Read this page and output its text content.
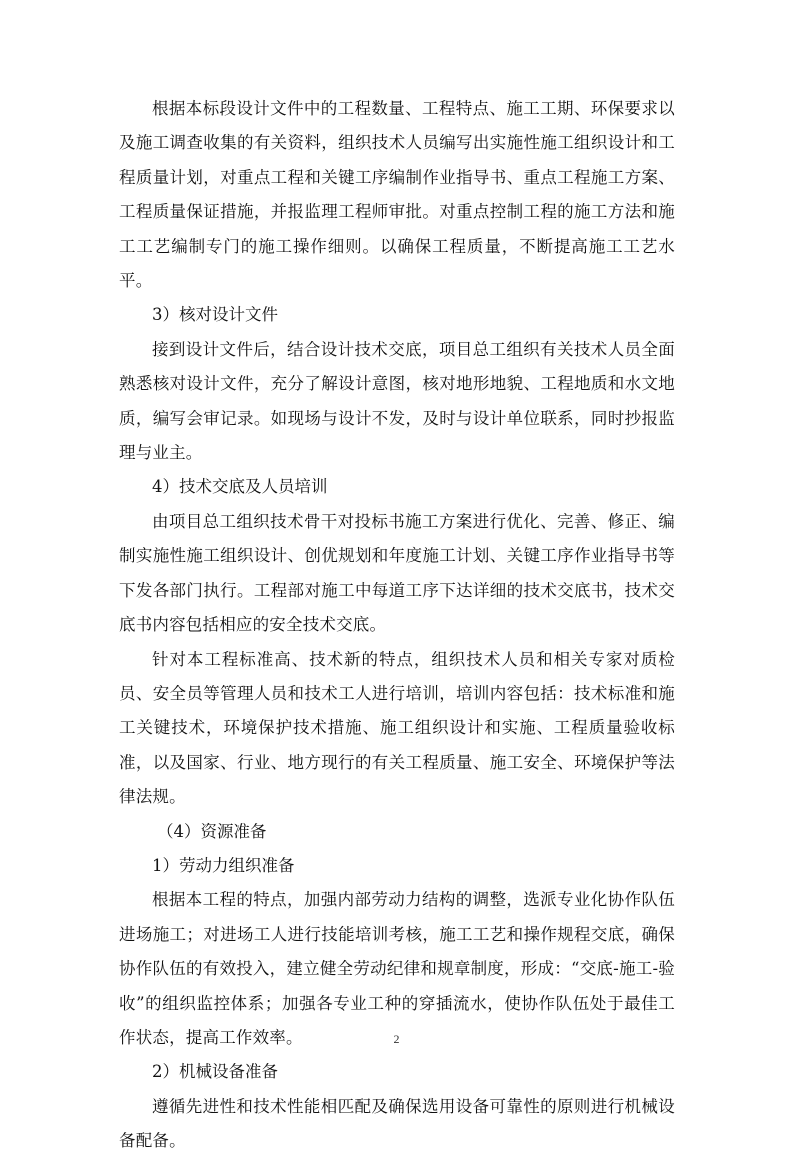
根据本标段设计文件中的工程数量、工程特点、施工工期、环保要求以及施工调查收集的有关资料，组织技术人员编写出实施性施工组织设计和工程质量计划，对重点工程和关键工序编制作业指导书、重点工程施工方案、工程质量保证措施，并报监理工程师审批。对重点控制工程的施工方法和施工工艺编制专门的施工操作细则。以确保工程质量，不断提高施工工艺水平。

3）核对设计文件

接到设计文件后，结合设计技术交底，项目总工组织有关技术人员全面熟悉核对设计文件，充分了解设计意图，核对地形地貌、工程地质和水文地质，编写会审记录。如现场与设计不发，及时与设计单位联系，同时抄报监理与业主。

4）技术交底及人员培训

由项目总工组织技术骨干对投标书施工方案进行优化、完善、修正、编制实施性施工组织设计、创优规划和年度施工计划、关键工序作业指导书等下发各部门执行。工程部对施工中每道工序下达详细的技术交底书，技术交底书内容包括相应的安全技术交底。

针对本工程标准高、技术新的特点，组织技术人员和相关专家对质检员、安全员等管理人员和技术工人进行培训，培训内容包括：技术标准和施工关键技术，环境保护技术措施、施工组织设计和实施、工程质量验收标准，以及国家、行业、地方现行的有关工程质量、施工安全、环境保护等法律法规。

（4）资源准备

1）劳动力组织准备

根据本工程的特点，加强内部劳动力结构的调整，选派专业化协作队伍进场施工；对进场工人进行技能培训考核，施工工艺和操作规程交底，确保协作队伍的有效投入，建立健全劳动纪律和规章制度，形成：“交底-施工-验收”的组织监控体系；加强各专业工种的穿插流水，使协作队伍处于最佳工作状态，提高工作效率。

2）机械设备准备

遵循先进性和技术性能相匹配及确保选用设备可靠性的原则进行机械设备配备。

2
